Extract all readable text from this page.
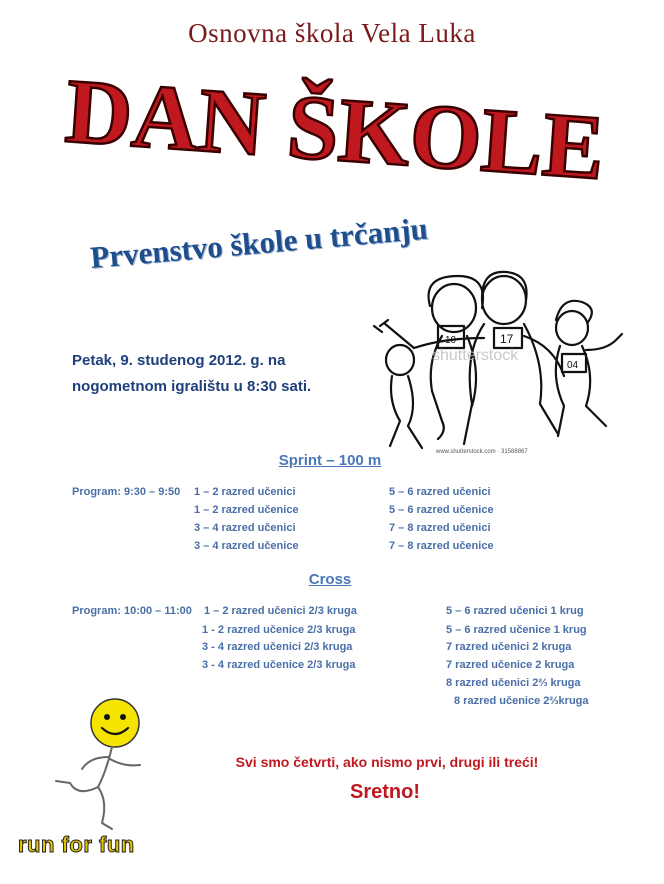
Osnovna škola Vela Luka
DAN ŠKOLE
Prvenstvo škole u trčanju
10	17
04
shutterstock
www.shutterstock.com · 31588867
Petak, 9. studenog 2012. g. na
nogometnom igralištu u 8:30 sati.
Sprint – 100 m
Program: 9:30 – 9:50 1 – 2 razred učenici
1 – 2 razred učenice
3 – 4 razred učenici
3 – 4 razred učenice
5 – 6 razred učenici
5 – 6 razred učenice
7 – 8 razred učenici
7 – 8 razred učenice
Cross
Program: 10:00 – 11:00 1 – 2 razred učenici 2/3 kruga
1 - 2 razred učenice 2/3 kruga
3 - 4 razred učenici 2/3 kruga
3 - 4 razred učenice 2/3 kruga
5 – 6 razred učenici 1 krug
5 – 6 razred učenice 1 krug
7 razred učenici 2 kruga
7 razred učenice 2 kruga
8 razred učenici 2⅔ kruga
8 razred učenice 2⅔kruga
Svi smo četvrti, ako nismo prvi, drugi ili treći!
Sretno!
run for fun
